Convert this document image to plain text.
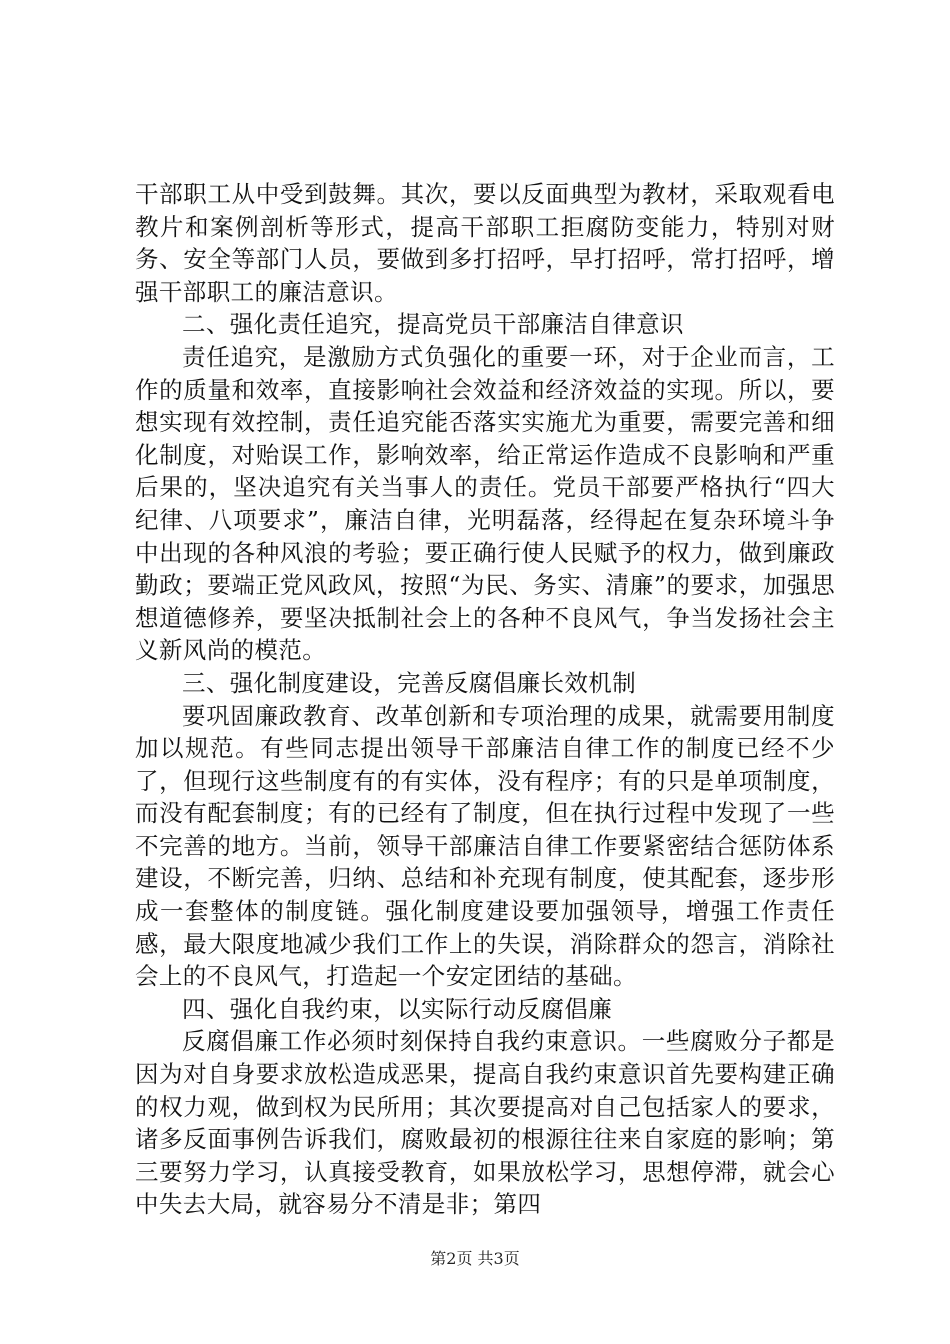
干部职工从中受到鼓舞。其次，要以反面典型为教材，采取观看电教片和案例剖析等形式，提高干部职工拒腐防变能力，特别对财务、安全等部门人员，要做到多打招呼，早打招呼，常打招呼，增强干部职工的廉洁意识。

二、强化责任追究，提高党员干部廉洁自律意识

责任追究，是激励方式负强化的重要一环，对于企业而言，工作的质量和效率，直接影响社会效益和经济效益的实现。所以，要想实现有效控制，责任追究能否落实实施尤为重要，需要完善和细化制度，对贻误工作，影响效率，给正常运作造成不良影响和严重后果的，坚决追究有关当事人的责任。党员干部要严格执行“四大纪律、八项要求”，廉洁自律，光明磊落，经得起在复杂环境斗争中出现的各种风浪的考验；要正确行使人民赋予的权力，做到廉政勤政；要端正党风政风，按照“为民、务实、清廉”的要求，加强思想道德修养，要坚决抵制社会上的各种不良风气，争当发扬社会主义新风尚的模范。

三、强化制度建设，完善反腐倡廉长效机制

要巩固廉政教育、改革创新和专项治理的成果，就需要用制度加以规范。有些同志提出领导干部廉洁自律工作的制度已经不少了，但现行这些制度有的有实体，没有程序；有的只是单项制度，而没有配套制度；有的已经有了制度，但在执行过程中发现了一些不完善的地方。当前，领导干部廉洁自律工作要紧密结合惩防体系建设，不断完善，归纳、总结和补充现有制度，使其配套，逐步形成一套整体的制度链。强化制度建设要加强领导，增强工作责任感，最大限度地减少我们工作上的失误，消除群众的怨言，消除社会上的不良风气，打造起一个安定团结的基础。

四、强化自我约束，以实际行动反腐倡廉

反腐倡廉工作必须时刻保持自我约束意识。一些腐败分子都是因为对自身要求放松造成恶果，提高自我约束意识首先要构建正确的权力观，做到权为民所用；其次要提高对自己包括家人的要求，诸多反面事例告诉我们，腐败最初的根源往往来自家庭的影响；第三要努力学习，认真接受教育，如果放松学习，思想停滞，就会心中失去大局，就容易分不清是非；第四

第2页 共3页
